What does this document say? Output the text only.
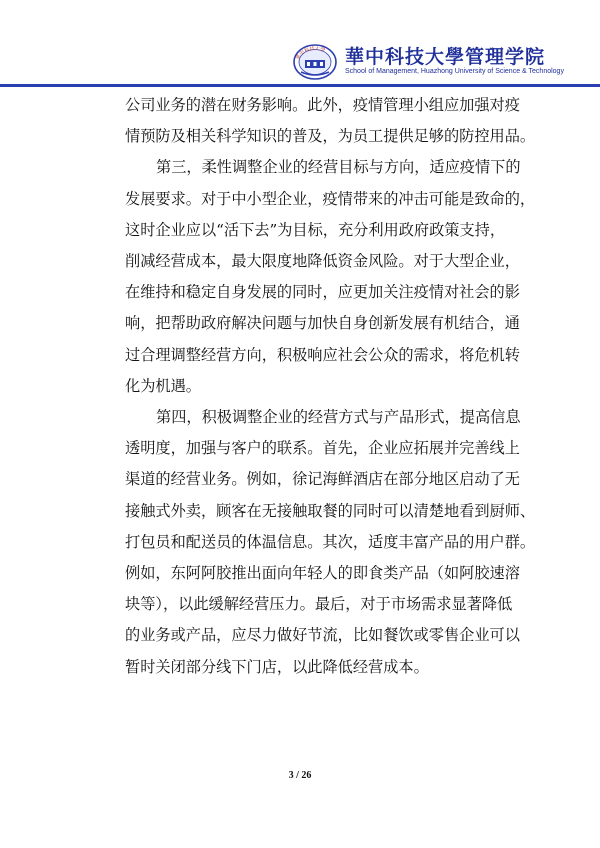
華中科技大學 華中科技大學管理学院
School of Management, Huazhong University of Science & Technology

公司业务的潜在财务影响。此外，疫情管理小组应加强对疫
情预防及相关科学知识的普及，为员工提供足够的防控用品。

第三，柔性调整企业的经营目标与方向，适应疫情下的
发展要求。对于中小型企业，疫情带来的冲击可能是致命的，
这时企业应以“活下去”为目标，充分利用政府政策支持，
削减经营成本，最大限度地降低资金风险。对于大型企业，
在维持和稳定自身发展的同时，应更加关注疫情对社会的影
响，把帮助政府解决问题与加快自身创新发展有机结合，通
过合理调整经营方向，积极响应社会公众的需求，将危机转
化为机遇。

第四，积极调整企业的经营方式与产品形式，提高信息
透明度，加强与客户的联系。首先，企业应拓展并完善线上
渠道的经营业务。例如，徐记海鲜酒店在部分地区启动了无
接触式外卖，顾客在无接触取餐的同时可以清楚地看到厨师、
打包员和配送员的体温信息。其次，适度丰富产品的用户群。
例如，东阿阿胶推出面向年轻人的即食类产品（如阿胶速溶
块等），以此缓解经营压力。最后，对于市场需求显著降低
的业务或产品，应尽力做好节流，比如餐饮或零售企业可以
暂时关闭部分线下门店，以此降低经营成本。

3 / 26
